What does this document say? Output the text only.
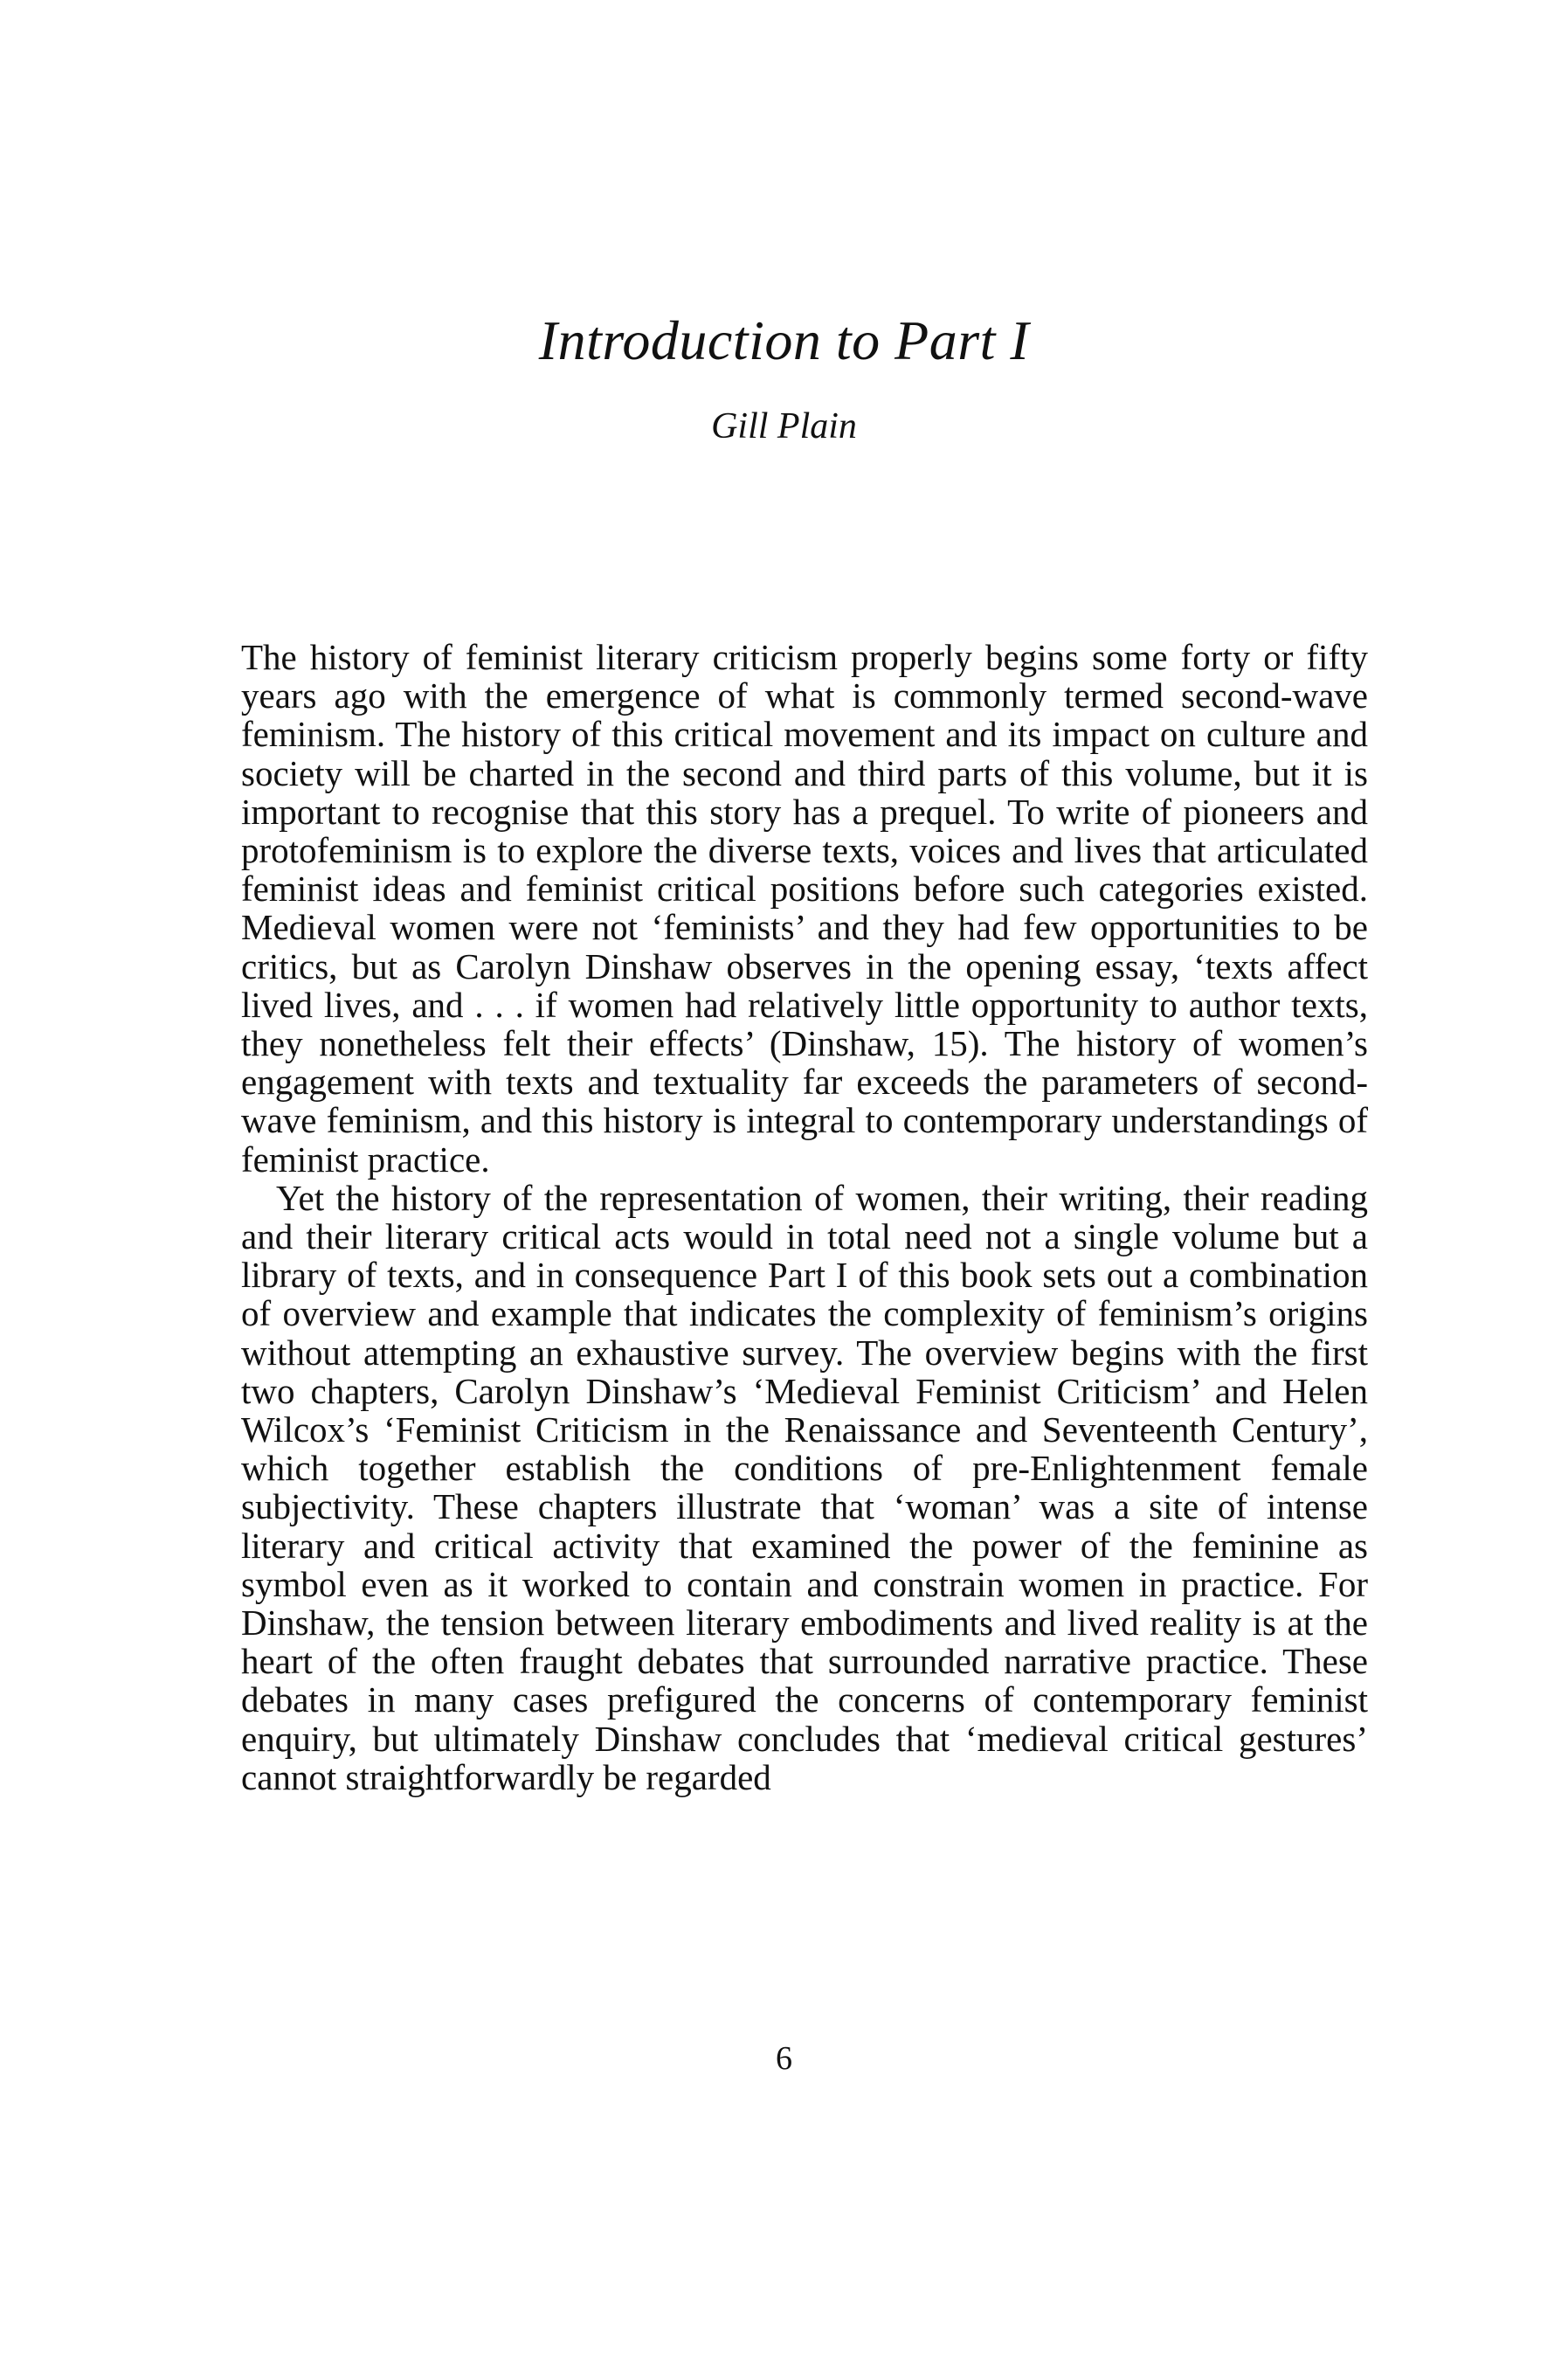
Introduction to Part I
Gill Plain

The history of feminist literary criticism properly begins some forty or fifty years ago with the emergence of what is commonly termed second-wave feminism. The history of this critical movement and its impact on culture and society will be charted in the second and third parts of this volume, but it is important to recognise that this story has a prequel. To write of pioneers and protofeminism is to explore the diverse texts, voices and lives that articulated feminist ideas and feminist critical positions before such categories existed. Medieval women were not ‘feminists’ and they had few opportunities to be critics, but as Carolyn Dinshaw observes in the opening essay, ‘texts affect lived lives, and . . . if women had relatively little opportunity to author texts, they nonetheless felt their effects’ (Dinshaw, 15). The history of women’s engagement with texts and textuality far exceeds the parameters of second-wave feminism, and this history is integral to contemporary understandings of feminist practice.

Yet the history of the representation of women, their writing, their reading and their literary critical acts would in total need not a single volume but a library of texts, and in consequence Part I of this book sets out a combination of overview and example that indicates the complexity of feminism’s origins without attempting an exhaustive survey. The overview begins with the first two chapters, Carolyn Dinshaw’s ‘Medieval Feminist Criticism’ and Helen Wilcox’s ‘Feminist Criticism in the Renaissance and Seventeenth Century’, which together establish the conditions of pre-Enlightenment female subjectivity. These chapters illustrate that ‘woman’ was a site of intense literary and critical activity that examined the power of the feminine as symbol even as it worked to contain and constrain women in practice. For Dinshaw, the tension between literary embodiments and lived reality is at the heart of the often fraught debates that surrounded narrative practice. These debates in many cases prefigured the concerns of contemporary feminist enquiry, but ultimately Dinshaw concludes that ‘medieval critical gestures’ cannot straightforwardly be regarded

6
